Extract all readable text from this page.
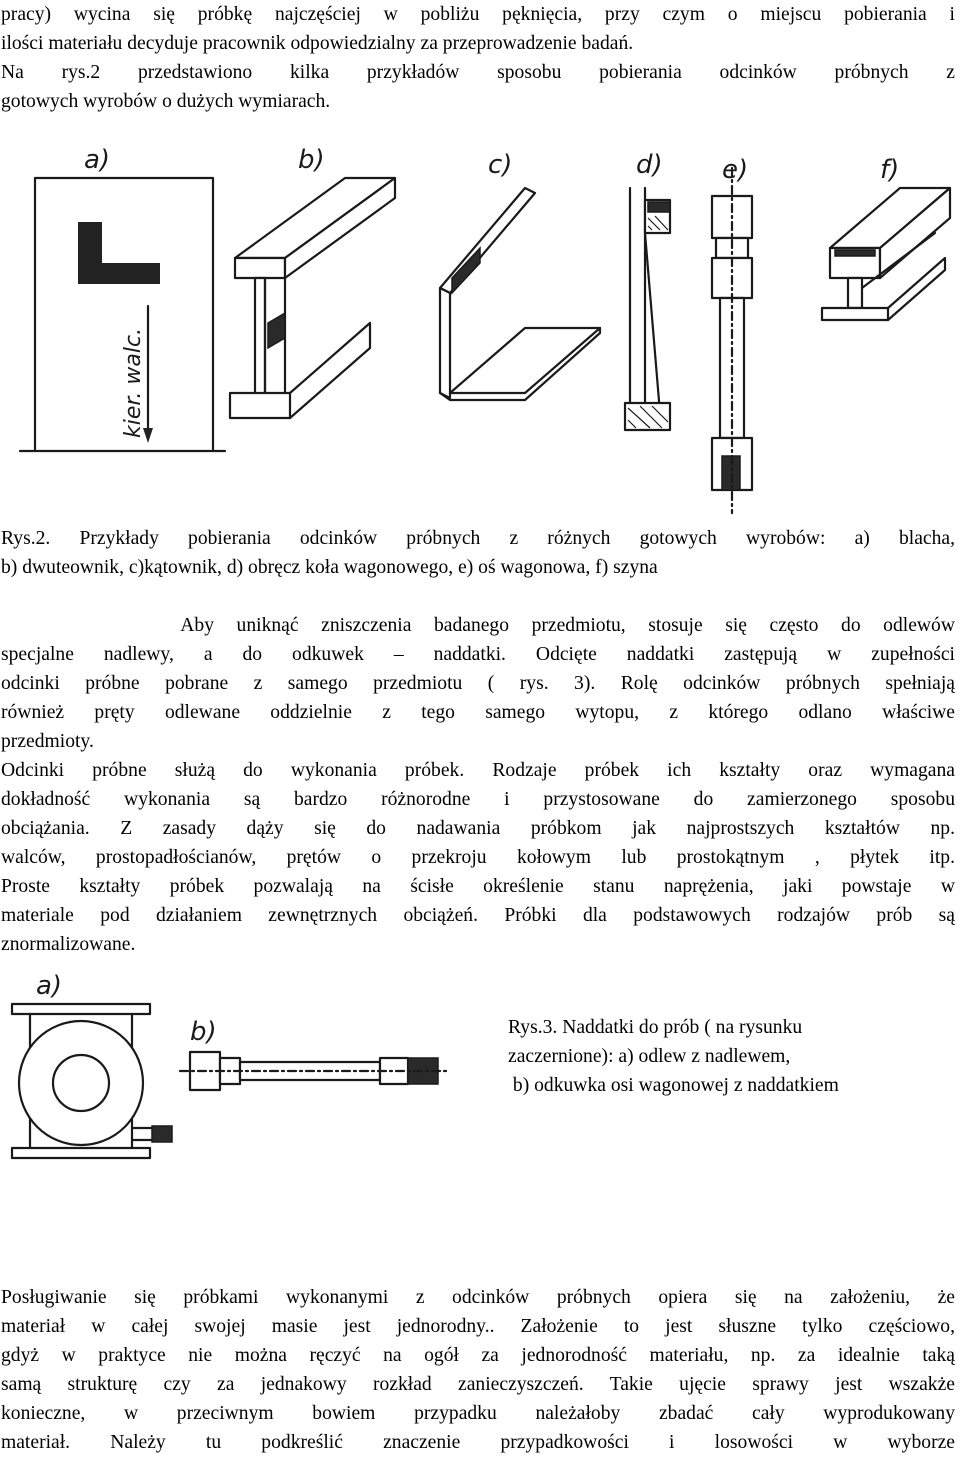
pracy) wycina się próbkę najczęściej w pobliżu pęknięcia, przy czym o miejscu pobierania i
ilości materiału decyduje pracownik odpowiedzialny za przeprowadzenie badań.
Na rys.2 przedstawiono kilka przykładów sposobu pobierania odcinków próbnych z
gotowych wyrobów o dużych wymiarach.
a)
kier. walc.
b)	c)	d) e)	f)
Rys.2. Przykłady pobierania odcinków próbnych z różnych gotowych wyrobów: a) blacha,
b) dwuteownik, c)kątownik, d) obręcz koła wagonowego, e) oś wagonowa, f) szyna
Aby uniknąć zniszczenia badanego przedmiotu, stosuje się często do odlewów
specjalne nadlewy, a do odkuwek – naddatki. Odcięte naddatki zastępują w zupełności
odcinki próbne pobrane z samego przedmiotu ( rys. 3). Rolę odcinków próbnych spełniają
również pręty odlewane oddzielnie z tego samego wytopu, z którego odlano właściwe
przedmioty.
Odcinki próbne służą do wykonania próbek. Rodzaje próbek ich kształty oraz wymagana
dokładność wykonania są bardzo różnorodne i przystosowane do zamierzonego sposobu
obciążania. Z zasady dąży się do nadawania próbkom jak najprostszych kształtów np.
walców, prostopadłościanów, prętów o przekroju kołowym lub prostokątnym , płytek itp.
Proste kształty próbek pozwalają na ścisłe określenie stanu naprężenia, jaki powstaje w
materiale pod działaniem zewnętrznych obciążeń. Próbki dla podstawowych rodzajów prób są
znormalizowane.
a)
b)	Rys.3. Naddatki do prób ( na rysunku
zaczernione): a) odlew z nadlewem,
b) odkuwka osi wagonowej z naddatkiem
Posługiwanie się próbkami wykonanymi z odcinków próbnych opiera się na założeniu, że
materiał w całej swojej masie jest jednorodny.. Założenie to jest słuszne tylko częściowo,
gdyż w praktyce nie można ręczyć na ogół za jednorodność materiału, np. za idealnie taką
samą strukturę czy za jednakowy rozkład zanieczyszczeń. Takie ujęcie sprawy jest wszakże
konieczne, w przeciwnym bowiem przypadku należałoby zbadać cały wyprodukowany
materiał. Należy tu podkreślić znaczenie przypadkowości i losowości w wyborze
